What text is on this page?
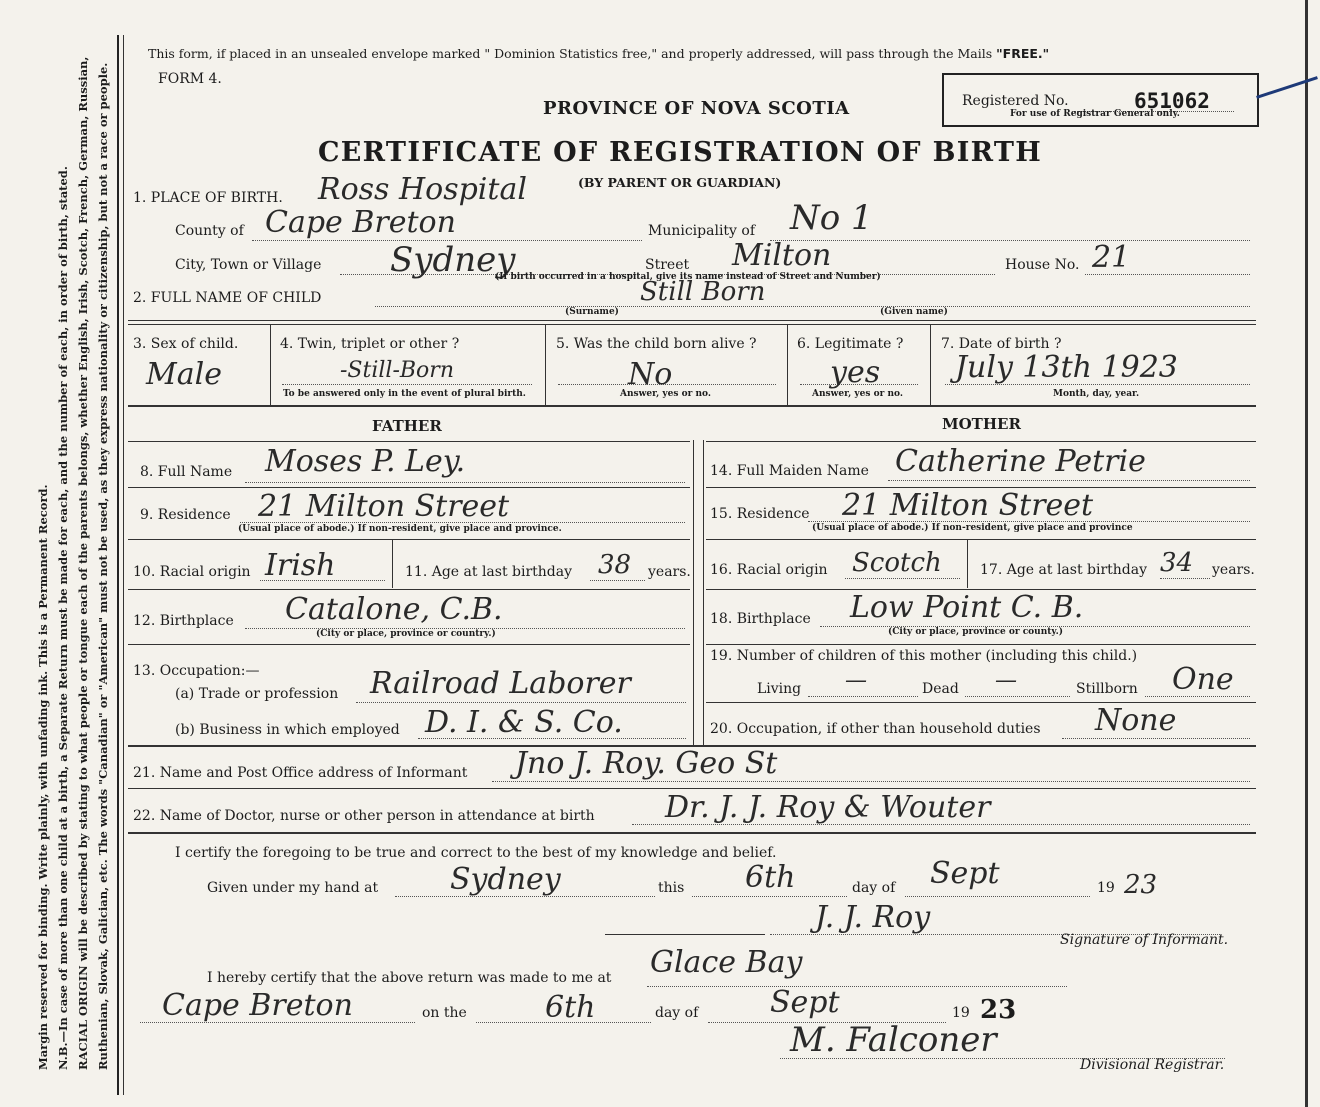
Margin reserved for binding. Write plainly, with unfading ink. This is a Permanent Record. N.B.—In case of more than one child at a birth, a Separate Return must be made for each, and the number of each, in order of birth, stated. RACIAL ORIGIN will be described by stating to what people or tongue each of the parents belongs, whether English, Irish, Scotch, French, German, Russian, Ruthenian, Slovak, Galician, etc. The words "Canadian" or "American" must not be used, as they express nationality or citizenship, but not a race or people.
This form, if placed in an unsealed envelope marked " Dominion Statistics free," and properly addressed, will pass through the Mails "FREE."
FORM 4.
PROVINCE OF NOVA SCOTIA	Registered No.	651062
For use of Registrar General only.
CERTIFICATE OF REGISTRATION OF BIRTH
(BY PARENT OR GUARDIAN)
1. PLACE OF BIRTH. Ross Hospital
County of Cape Breton	Municipality of No 1
City, Town or Village Sydney	Street Milton	House No. 21
(If birth occurred in a hospital, give its name instead of Street and Number)
2. FULL NAME OF CHILD	Still Born
(Surname)	(Given name)
3. Sex of child.
Male
4. Twin, triplet or other ?
-Still-Born
To be answered only in the event of plural birth.
5. Was the child born alive ?
No
Answer, yes or no.
6. Legitimate ?
yes
Answer, yes or no.
7. Date of birth ?
July 13th 1923
Month, day, year.
FATHER	MOTHER
8. Full Name Moses P. Ley.
9. Residence 21 Milton Street
(Usual place of abode.) If non-resident, give place and province.
10. Racial origin Irish	11. Age at last birthday 38 years.
12. Birthplace Catalone, C.B.
(City or place, province or country.)
13. Occupation:—
(a) Trade or profession Railroad Laborer
(b) Business in which employed D. I. & S. Co.
14. Full Maiden Name Catherine Petrie
15. Residence 21 Milton Street
(Usual place of abode.) If non-resident, give place and province
16. Racial origin Scotch	17. Age at last birthday 34 years.
18. Birthplace Low Point C. B.
(City or place, province or county.)
19. Number of children of this mother (including this child.)
Living —	Dead —	Stillborn One
20. Occupation, if other than household duties None
21. Name and Post Office address of Informant Jno J. Roy. Geo St
22. Name of Doctor, nurse or other person in attendance at birth Dr. J. J. Roy & Wouter
I certify the foregoing to be true and correct to the best of my knowledge and belief.
Given under my hand at Sydney	this 6th	day of Sept	19 23
J. J. Roy
Signature of Informant.
I hereby certify that the above return was made to me at Glace Bay
Cape Breton	on the	6th	day of Sept	19 23
M. Falconer
Divisional Registrar.
